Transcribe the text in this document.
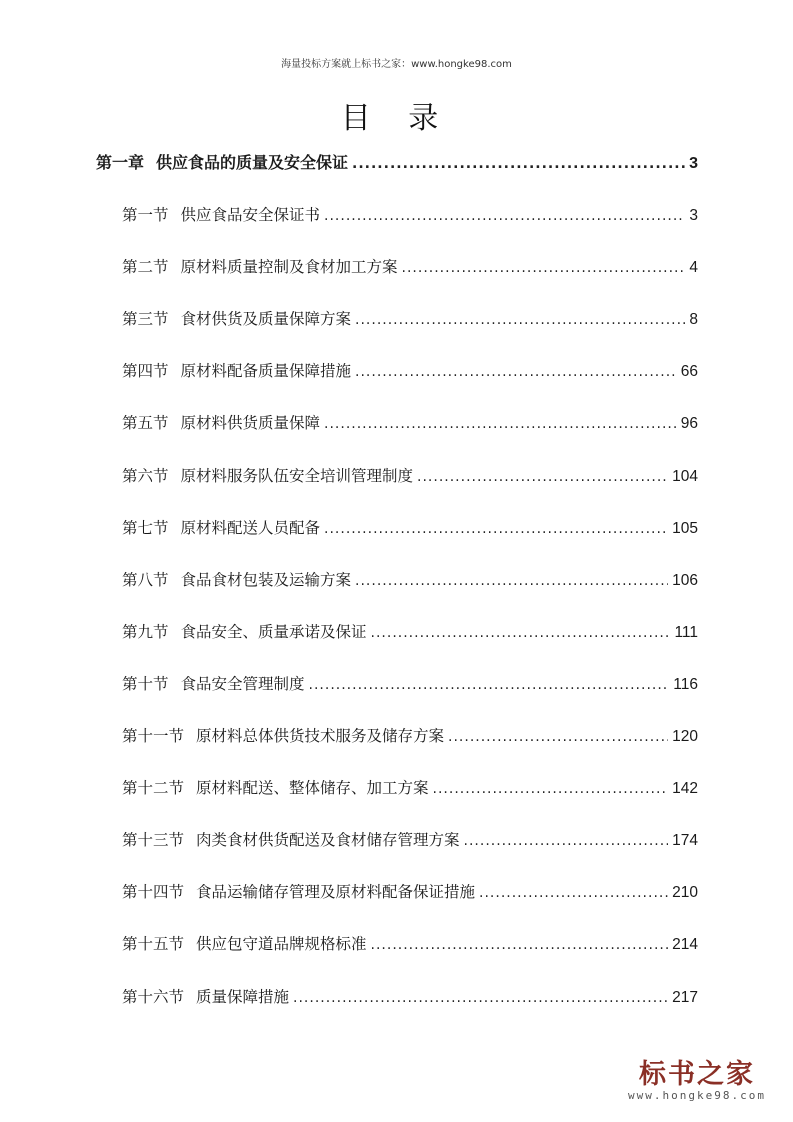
海量投标方案就上标书之家：www.hongke98.com
目 录
第一章 供应食品的质量及安全保证 .....	3
第一节 供应食品安全保证书 .....	3
第二节 原材料质量控制及食材加工方案 .....	4
第三节 食材供货及质量保障方案 .....	8
第四节 原材料配备质量保障措施 .....	66
第五节 原材料供货质量保障 .....	96
第六节 原材料服务队伍安全培训管理制度 .....	104
第七节 原材料配送人员配备 .....	105
第八节 食品食材包装及运输方案 .....	106
第九节 食品安全、质量承诺及保证 .....	111
第十节 食品安全管理制度 .....	116
第十一节 原材料总体供货技术服务及储存方案 .....	120
第十二节 原材料配送、整体储存、加工方案 .....	142
第十三节 肉类食材供货配送及食材储存管理方案 .....	174
第十四节 食品运输储存管理及原材料配备保证措施 .....	210
第十五节 供应包守道品牌规格标准 .....	214
第十六节 质量保障措施 .....	217
标书之家
www.hongke98.com
